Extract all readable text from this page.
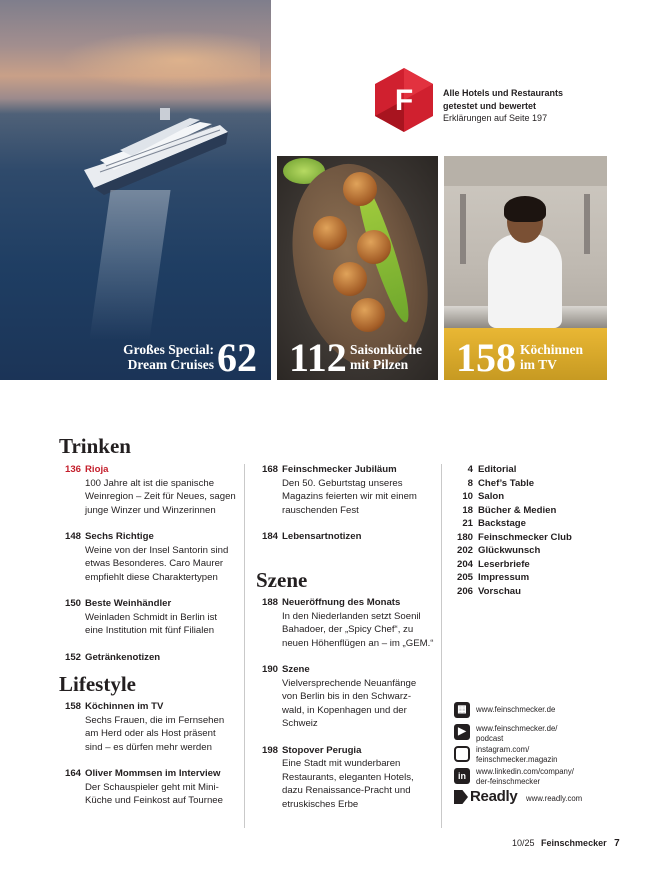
Großes Special:
Dream Cruises 62 112 Saisonküche
mit Pilzen	158 Köchinnen
im TV
F	Alle Hotels und Restaurants
getestet und bewertet
Erklärungen auf Seite 197
Trinken
136 Rioja
100 Jahre alt ist die spanische
Weinregion – Zeit für Neues, sagen
junge Winzer und Winzerinnen
148 Sechs Richtige
Weine von der Insel Santorin sind
etwas Besonderes. Caro Maurer
empfiehlt diese Charaktertypen
150 Beste Weinhändler
Weinladen Schmidt in Berlin ist
eine Institution mit fünf Filialen
152 Getränkenotizen
Lifestyle
158 Köchinnen im TV
Sechs Frauen, die im Fernsehen
am Herd oder als Host präsent
sind – es dürfen mehr werden
164 Oliver Mommsen im Interview
Der Schauspieler geht mit Mini-
Küche und Feinkost auf Tournee
168 Feinschmecker Jubiläum
Den 50. Geburtstag unseres
Magazins feierten wir mit einem
rauschenden Fest
184 Lebensartnotizen
Szene
188 Neueröffnung des Monats
In den Niederlanden setzt Soenil
Bahadoer, der „Spicy Chef“, zu
neuen Höhenflügen an – im „GEM.“
190 Szene
Vielversprechende Neuanfänge
von Berlin bis in den Schwarz-
wald, in Kopenhagen und der
Schweiz
198 Stopover Perugia
Eine Stadt mit wunderbaren
Restaurants, eleganten Hotels,
dazu Renaissance-Pracht und
etruskisches Erbe
4 Editorial
8 Chef’s Table
10 Salon
18 Bücher & Medien
21 Backstage
180 Feinschmecker Club
202 Glückwunsch
204 Leserbriefe
205 Impressum
206 Vorschau
▦	www.feinschmecker.de
▶	www.feinschmecker.de/
podcast
instagram.com/
feinschmecker.magazin
in	www.linkedin.com/company/
der-feinschmecker
Readly www.readly.com
10/25 Feinschmecker 7
